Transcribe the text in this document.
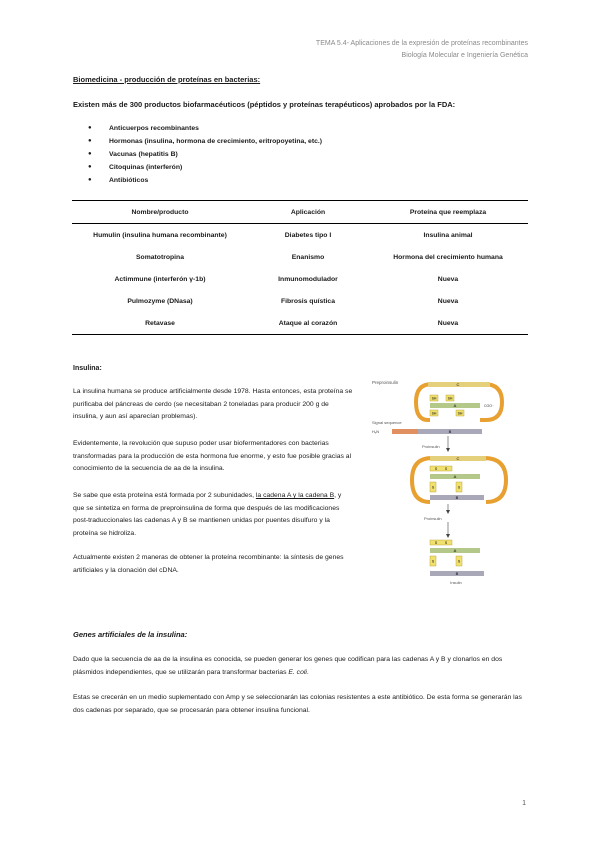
TEMA 5.4- Aplicaciones de la expresión de proteínas recombinantes
Biología Molecular e Ingeniería Genética
Biomedicina - producción de proteínas en bacterias:
Existen más de 300 productos biofarmacéuticos (péptidos y proteínas terapéuticos) aprobados por la FDA:
● Anticuerpos recombinantes
● Hormonas (insulina, hormona de crecimiento, eritropoyetina, etc.)
● Vacunas (hepatitis B)
● Citoquinas (interferón)
● Antibióticos
Nombre/producto	Aplicación	Proteína que reemplaza
Humulin (insulina humana recombinante)	Diabetes tipo I	Insulina animal
Somatotropina	Enanismo	Hormona del crecimiento humana
Actimmune (interferón γ-1b)	Inmunomodulador	Nueva
Pulmozyme (DNasa)	Fibrosis quística	Nueva
Retavase	Ataque al corazón	Nueva
Insulina:
La insulina humana se produce artificialmente desde 1978. Hasta entonces, esta proteína se purificaba del páncreas de cerdo (se necesitaban 2 toneladas para producir 200 g de insulina, y aun así aparecían problemas).
Evidentemente, la revolución que supuso poder usar biofermentadores con bacterias transformadas para la producción de esta hormona fue enorme, y esto fue posible gracias al conocimiento de la secuencia de aa de la insulina.
Se sabe que esta proteína está formada por 2 subunidades, la cadena A y la cadena B, y que se sintetiza en forma de preproinsulina de forma que después de las modificaciones post-traduccionales las cadenas A y B se mantienen unidas por puentes disulfuro y la proteína se hidroliza.
Actualmente existen 2 maneras de obtener la proteína recombinante: la síntesis de genes artificiales y la clonación del cDNA.
Preproinsulin	C
SH	SH
A	COO⁻
SH	SH
Signal sequence
H₃N	B
Proinsulin
C
S S
A
S	S
B
Proinsulin
S S
A
S	S
B
Insulin
Genes artificiales de la insulina:
Dado que la secuencia de aa de la insulina es conocida, se pueden generar los genes que codifican para las cadenas A y B y clonarlos en dos plásmidos independientes, que se utilizarán para transformar bacterias E. coli.
Estas se crecerán en un medio suplementado con Amp y se seleccionarán las colonias resistentes a este antibiótico. De esta forma se generarán las dos cadenas por separado, que se procesarán para obtener insulina funcional.
1
